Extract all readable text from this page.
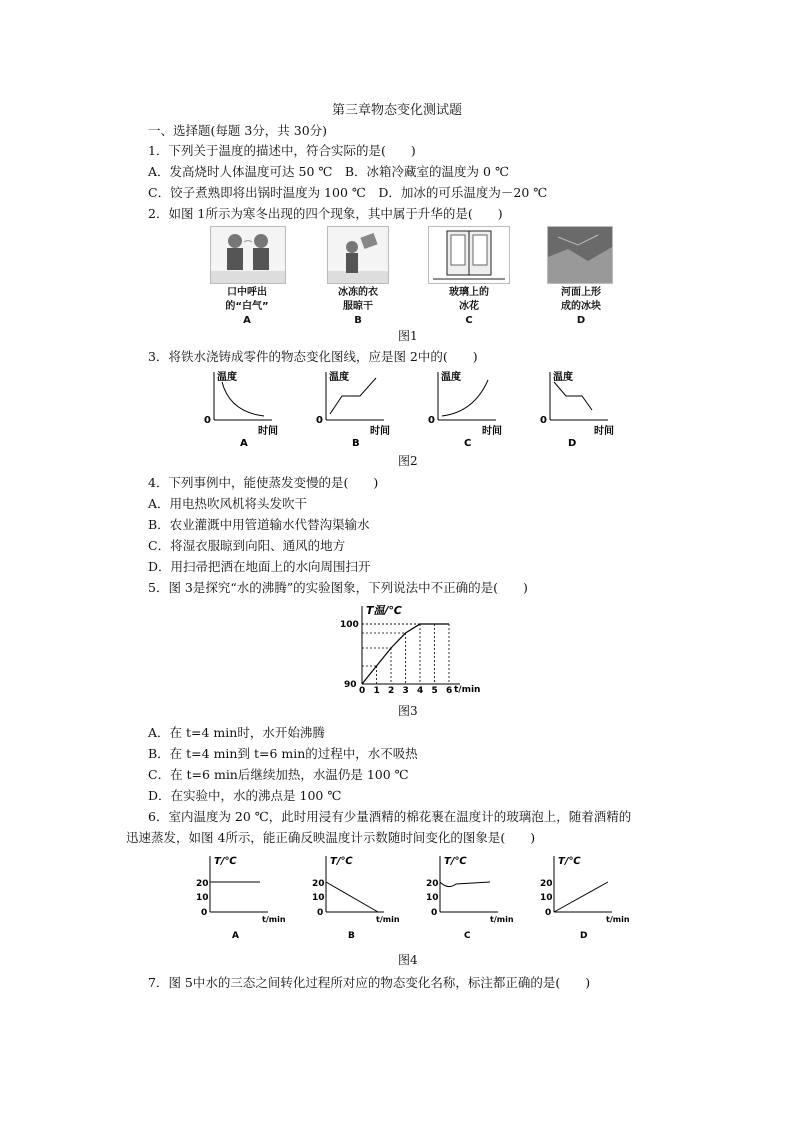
第三章物态变化测试题
一、选择题(每题 3分，共 30分)
1．下列关于温度的描述中，符合实际的是(　　)
A．发高烧时人体温度可达 50 ℃　B．冰箱冷藏室的温度为 0 ℃
C．饺子煮熟即将出锅时温度为 100 ℃　D．加冰的可乐温度为－20 ℃
2．如图 1所示为寒冬出现的四个现象，其中属于升华的是(　　)
口中呼出
的“白气”
A
冰冻的衣
服晾干
B
玻璃上的
冰花
C
河面上形
成的冰块
D
图1
3．将铁水浇铸成零件的物态变化图线，应是图 2中的(　　)
温度
0
时间
A
温度
0
时间
B
温度
0
时间
C
温度
0
时间
D
图2
4．下列事例中，能使蒸发变慢的是(　　)
A．用电热吹风机将头发吹干
B．农业灌溉中用管道输水代替沟渠输水
C．将湿衣服晾到向阳、通风的地方
D．用扫帚把洒在地面上的水向周围扫开
5．图 3是探究“水的沸腾”的实验图象，下列说法中不正确的是(　　)
T温/℃
t/min
0 1 2 3 4 5 6
90
100
图3
A．在 t=4 min时，水开始沸腾
B．在 t=4 min到 t=6 min的过程中，水不吸热
C．在 t=6 min后继续加热，水温仍是 100 ℃
D．在实验中，水的沸点是 100 ℃
6．室内温度为 20 ℃，此时用浸有少量酒精的棉花裹在温度计的玻璃泡上，随着酒精的
迅速蒸发，如图 4所示，能正确反映温度计示数随时间变化的图象是(　　)
T/℃
20
10
0
t/min
A
T/℃
20
10
0
t/min
B
T/℃
20
10
0
t/min
C
T/℃
20
10
0
t/min
D
图4
7．图 5中水的三态之间转化过程所对应的物态变化名称，标注都正确的是(　　)
